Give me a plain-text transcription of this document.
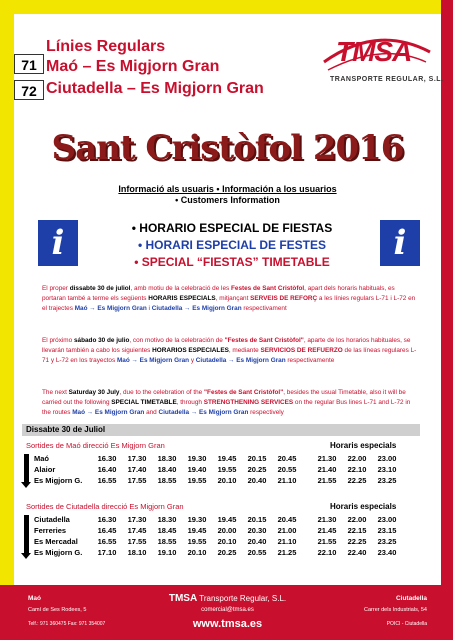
71
72
Línies Regulars
Maó – Es Migjorn Gran
Ciutadella – Es Migjorn Gran
TMSA
TRANSPORTE REGULAR, S.L.
Sant Cristòfol 2016
Informació als usuaris • Información a los usuarios
• Customers Information
i	i
• HORARIO ESPECIAL DE FIESTAS
• HORARI ESPECIAL DE FESTES
• SPECIAL “FIESTAS” TIMETABLE
El proper dissabte 30 de juliol, amb motiu de la celebració de les Festes de Sant Cristòfol, apart dels horaris habituals, es portaran també a terme els següents HORARIS ESPECIALS, mitjançant SERVEIS DE REFORÇ a les línies regulars L-71 i L-72 en el trajectes Maó → Es Migjorn Gran i Ciutadella → Es Migjorn Gran respectivament
El próximo sábado 30 de julio, con motivo de la celebración de "Festes de Sant Cristòfol", aparte de los horarios habituales, se llevarán también a cabo los siguientes HORARIOS ESPECIALES, mediante SERVICIOS DE REFUERZO de las líneas regulares L-71 y L-72 en los trayectos Maó → Es Migjorn Gran y Ciutadella → Es Migjorn Gran respectivamente
The next Saturday 30 July, due to the celebration of the "Festes de Sant Cristòfol", besides the usual Timetable, also it will be carried out the following SPECIAL TIMETABLE, through STRENGTHENING SERVICES on the regular Bus lines L-71 and L-72 in the routes Maó → Es Migjorn Gran and Ciutadella → Es Migjorn Gran respectively
Dissabte 30 de Juliol
Sortides de Maó direcció Es Migjorn Gran	Horaris especials
Maó	16.30	17.30	18.30	19.30	19.45	20.15	20.45		21.30	22.00	23.00
Alaior	16.40	17.40	18.40	19.40	19.55	20.25	20.55		21.40	22.10	23.10
Es Migjorn G.	16.55	17.55	18.55	19.55	20.10	20.40	21.10		21.55	22.25	23.25
Sortides de Ciutadella direcció Es Migjorn Gran	Horaris especials
Ciutadella	16.30	17.30	18.30	19.30	19.45	20.15	20.45		21.30	22.00	23.00
Ferreries	16.45	17.45	18.45	19.45	20.00	20.30	21.00		21.45	22.15	23.15
Es Mercadal	16.55	17.55	18.55	19.55	20.10	20.40	21.10		21.55	22.25	23.25
Es Migjorn G.	17.10	18.10	19.10	20.10	20.25	20.55	21.25		22.10	22.40	23.40
Maó
Camí de Ses Rodees, 5
Telf.: 971 360475 Fax: 971 354007
TMSA Transporte Regular, S.L.
comercial@tmsa.es
www.tmsa.es
Ciutadella
Carrer dels Industrials, 54
POICI - Ciutadella
